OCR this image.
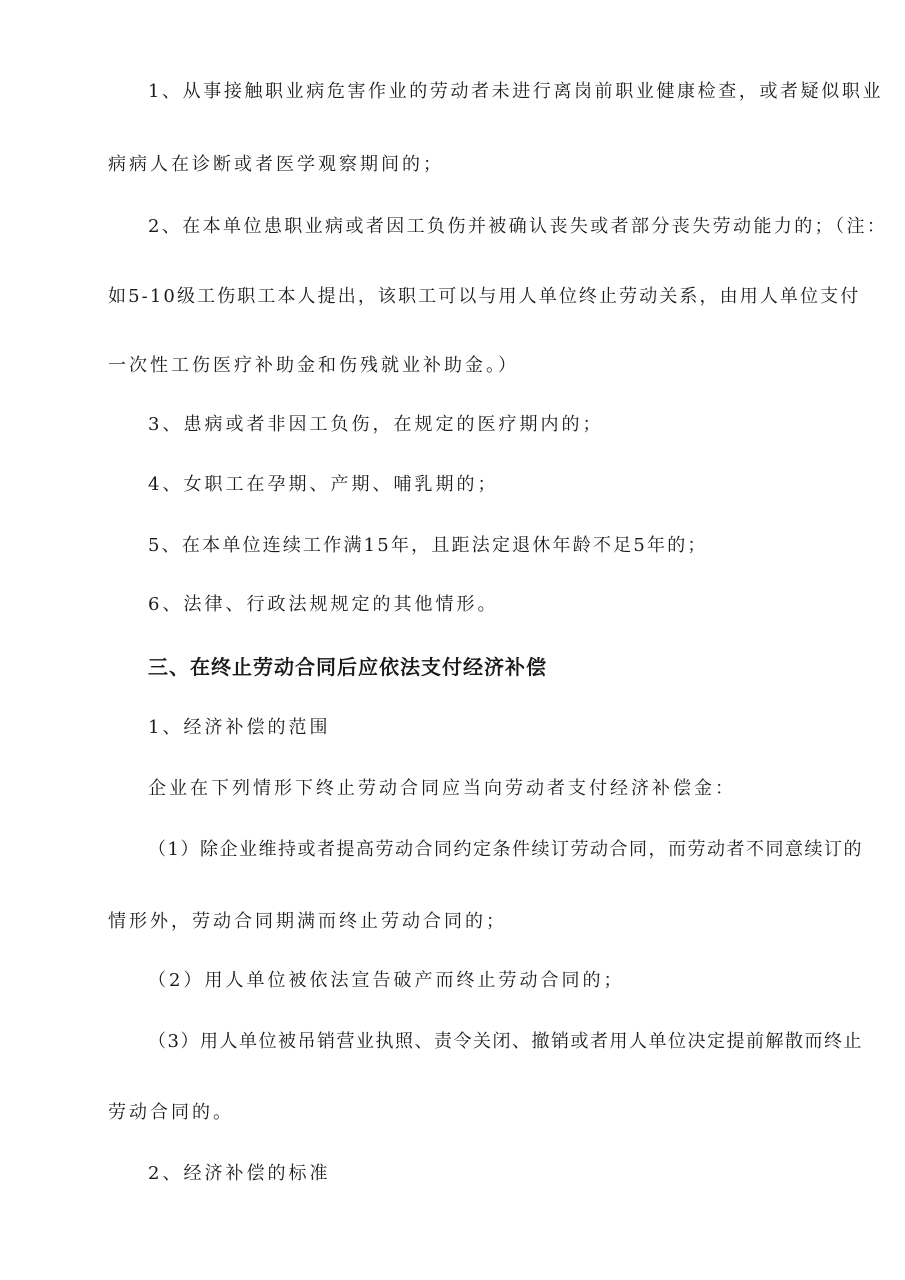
1、从事接触职业病危害作业的劳动者未进行离岗前职业健康检查，或者疑似职业
病病人在诊断或者医学观察期间的；
2、在本单位患职业病或者因工负伤并被确认丧失或者部分丧失劳动能力的；（注：
如5-10级工伤职工本人提出，该职工可以与用人单位终止劳动关系，由用人单位支付
一次性工伤医疗补助金和伤残就业补助金。）
3、患病或者非因工负伤，在规定的医疗期内的；
4、女职工在孕期、产期、哺乳期的；
5、在本单位连续工作满15年，且距法定退休年龄不足5年的；
6、法律、行政法规规定的其他情形。
三、在终止劳动合同后应依法支付经济补偿
1、经济补偿的范围
企业在下列情形下终止劳动合同应当向劳动者支付经济补偿金：
（1）除企业维持或者提高劳动合同约定条件续订劳动合同，而劳动者不同意续订的
情形外，劳动合同期满而终止劳动合同的；
（2）用人单位被依法宣告破产而终止劳动合同的；
（3）用人单位被吊销营业执照、责令关闭、撤销或者用人单位决定提前解散而终止
劳动合同的。
2、经济补偿的标准
